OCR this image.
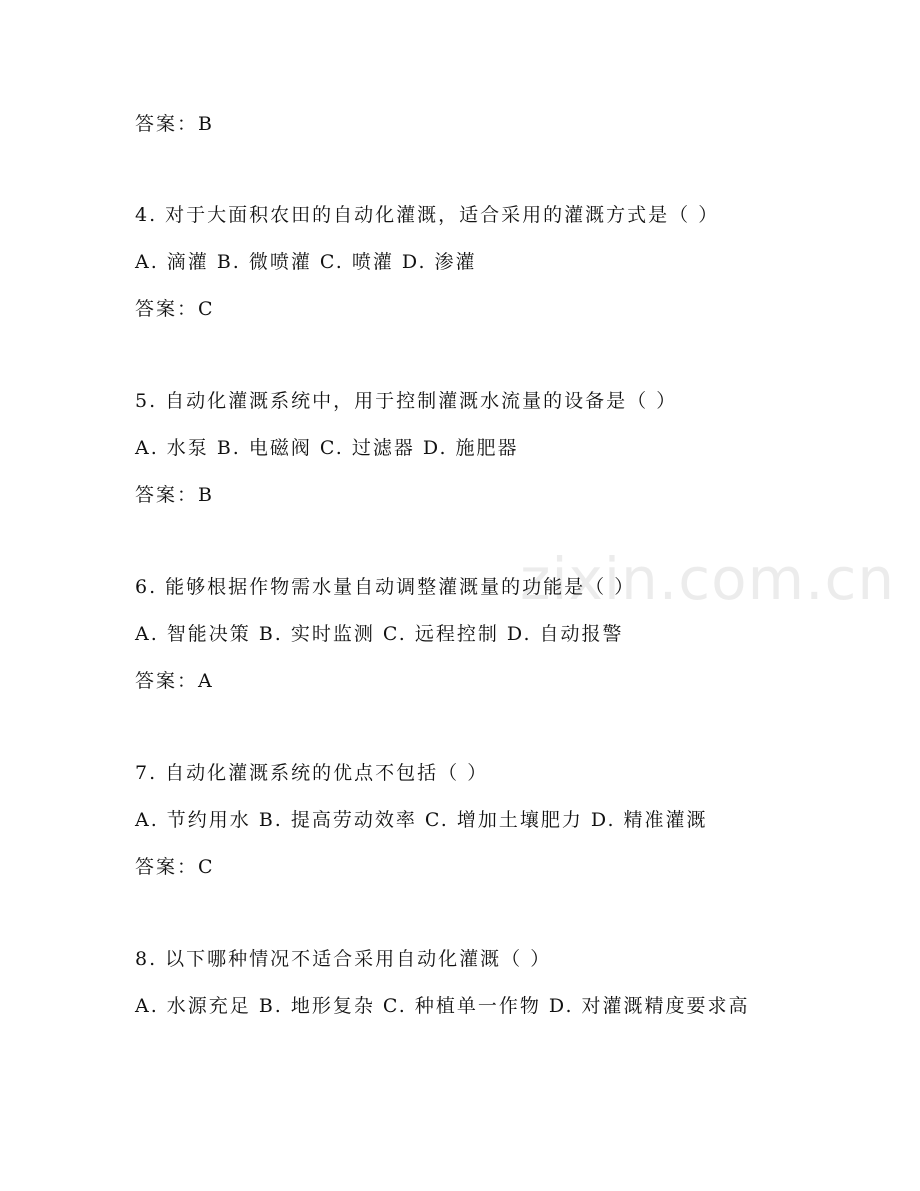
答案：B
4. 对于大面积农田的自动化灌溉，适合采用的灌溉方式是（ ）
A. 滴灌 B. 微喷灌 C. 喷灌 D. 渗灌
答案：C
5. 自动化灌溉系统中，用于控制灌溉水流量的设备是（ ）
A. 水泵 B. 电磁阀 C. 过滤器 D. 施肥器
答案：B
6. 能够根据作物需水量自动调整灌溉量的功能是（ ）
A. 智能决策 B. 实时监测 C. 远程控制 D. 自动报警
答案：A
7. 自动化灌溉系统的优点不包括（ ）
A. 节约用水 B. 提高劳动效率 C. 增加土壤肥力 D. 精准灌溉
答案：C
8. 以下哪种情况不适合采用自动化灌溉（ ）
A. 水源充足 B. 地形复杂 C. 种植单一作物 D. 对灌溉精度要求高
zixin.com.cn
